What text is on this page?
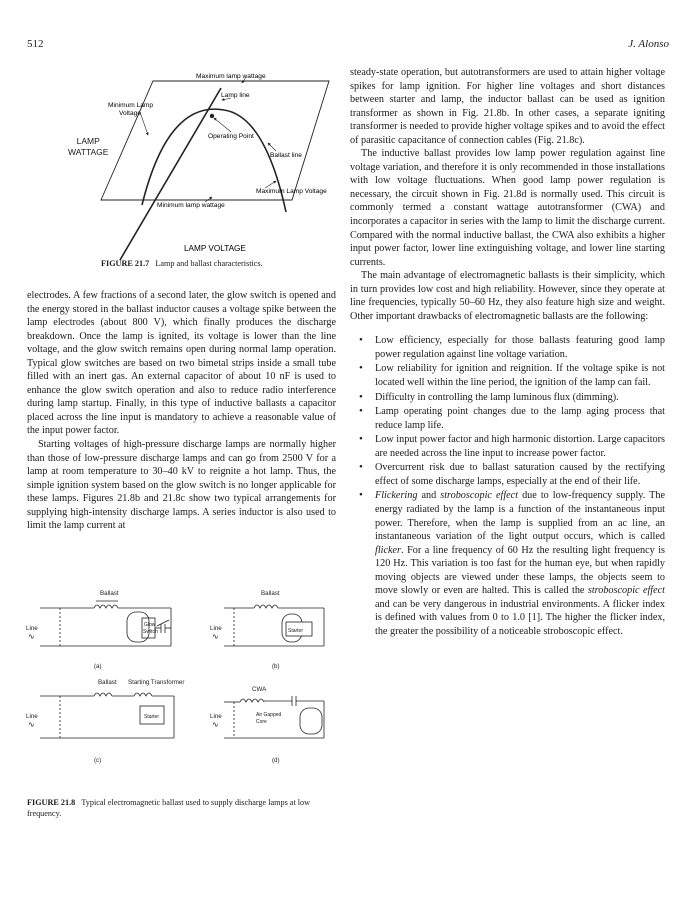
512	J. Alonso
LAMP
WATTAGE
Maximum lamp wattage
Lamp line
Minimum Lamp
Voltage
Operating Point
Ballast line
Maximum Lamp Voltage
Minimum lamp wattage
LAMP VOLTAGE
FIGURE 21.7 Lamp and ballast characteristics.

electrodes. A few fractions of a second later, the glow switch is opened and the energy stored in the ballast inductor causes a voltage spike between the lamp electrodes (about 800 V), which finally produces the discharge breakdown. Once the lamp is ignited, its voltage is lower than the line voltage, and the glow switch remains open during normal lamp operation. Typical glow switches are based on two bimetal strips inside a small tube filled with an inert gas. An external capacitor of about 10 nF is used to enhance the glow switch operation and also to reduce radio interference during lamp startup. Finally, in this type of inductive ballasts a capacitor placed across the line input is mandatory to achieve a reasonable value of the input power factor.

Starting voltages of high-pressure discharge lamps are normally higher than those of low-pressure discharge lamps and can go from 2500 V for a lamp at room temperature to 30–40 kV to reignite a hot lamp. Thus, the simple ignition system based on the glow switch is no longer applicable for these lamps. Figures 21.8b and 21.8c show two typical arrangements for supplying high-intensity discharge lamps. A series inductor is also used to limit the lamp current at

Ballast
Line
∿
Glow
Switch
(a)
Ballast
Line
∿
Starter
(b)
Ballast Starting Transformer
Line
∿
Starter
(c)
CWA
Line
∿
Air Gapped
Core
(d)
FIGURE 21.8 Typical electromagnetic ballast used to supply discharge lamps at low frequency.

steady-state operation, but autotransformers are used to attain higher voltage spikes for lamp ignition. For higher line voltages and short distances between starter and lamp, the inductor ballast can be used as ignition transformer as shown in Fig. 21.8b. In other cases, a separate igniting transformer is needed to provide higher voltage spikes and to avoid the effect of parasitic capacitance of connection cables (Fig. 21.8c).

The inductive ballast provides low lamp power regulation against line voltage variation, and therefore it is only recommended in those installations with low voltage fluctuations. When good lamp power regulation is necessary, the circuit shown in Fig. 21.8d is normally used. This circuit is commonly termed a constant wattage autotransformer (CWA) and incorporates a capacitor in series with the lamp to limit the discharge current. Compared with the normal inductive ballast, the CWA also exhibits a higher input power factor, lower line extinguishing voltage, and lower line starting currents.

The main advantage of electromagnetic ballasts is their simplicity, which in turn provides low cost and high reliability. However, since they operate at line frequencies, typically 50–60 Hz, they also feature high size and weight. Other important drawbacks of electromagnetic ballasts are the following:

• Low efficiency, especially for those ballasts featuring good lamp power regulation against line voltage variation.
• Low reliability for ignition and reignition. If the voltage spike is not located well within the line period, the ignition of the lamp can fail.
• Difficulty in controlling the lamp luminous flux (dimming).
• Lamp operating point changes due to the lamp aging process that reduce lamp life.
• Low input power factor and high harmonic distortion. Large capacitors are needed across the line input to increase power factor.
• Overcurrent risk due to ballast saturation caused by the rectifying effect of some discharge lamps, especially at the end of their life.
• Flickering and stroboscopic effect due to low-frequency supply. The energy radiated by the lamp is a function of the instantaneous input power. Therefore, when the lamp is supplied from an ac line, an instantaneous variation of the light output occurs, which is called flicker. For a line frequency of 60 Hz the resulting light frequency is 120 Hz. This variation is too fast for the human eye, but when rapidly moving objects are viewed under these lamps, the objects seem to move slowly or even are halted. This is called the stroboscopic effect and can be very dangerous in industrial environments. A flicker index is defined with values from 0 to 1.0 [1]. The higher the flicker index, the greater the possibility of a noticeable stroboscopic effect.
